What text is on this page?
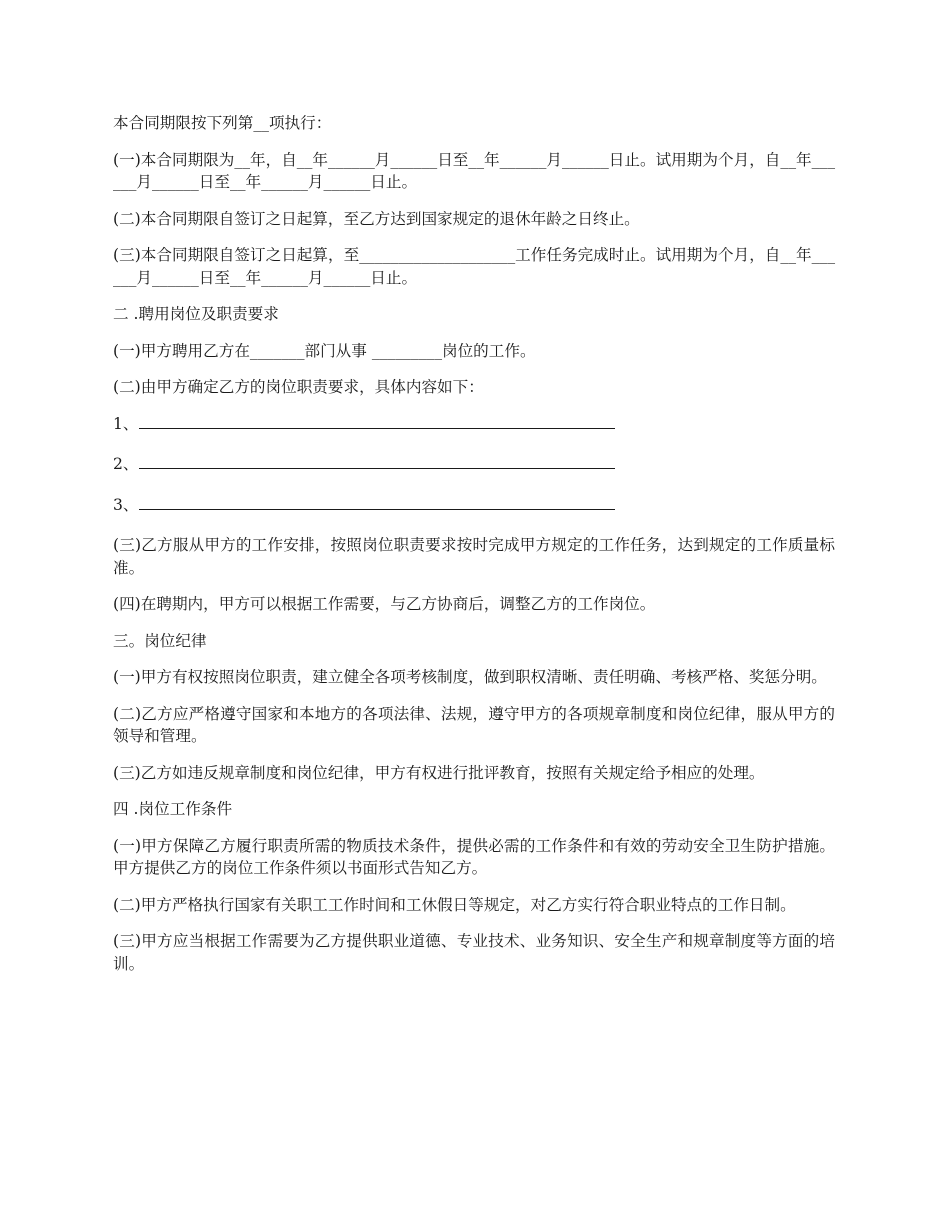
本合同期限按下列第__项执行：

(一)本合同期限为__年，自__年______月______日至__年______月______日止。试用期为个月，自__年______月______日至__年______月______日止。

(二)本合同期限自签订之日起算，至乙方达到国家规定的退休年龄之日终止。

(三)本合同期限自签订之日起算，至____________________工作任务完成时止。试用期为个月，自__年______月______日至__年______月______日止。

二 .聘用岗位及职责要求

(一)甲方聘用乙方在_______部门从事 _________岗位的工作。

(二)由甲方确定乙方的岗位职责要求，具体内容如下：

1、
2、
3、

(三)乙方服从甲方的工作安排，按照岗位职责要求按时完成甲方规定的工作任务，达到规定的工作质量标准。

(四)在聘期内，甲方可以根据工作需要，与乙方协商后，调整乙方的工作岗位。

三。岗位纪律

(一)甲方有权按照岗位职责，建立健全各项考核制度，做到职权清晰、责任明确、考核严格、奖惩分明。

(二)乙方应严格遵守国家和本地方的各项法律、法规，遵守甲方的各项规章制度和岗位纪律，服从甲方的领导和管理。

(三)乙方如违反规章制度和岗位纪律，甲方有权进行批评教育，按照有关规定给予相应的处理。

四 .岗位工作条件

(一)甲方保障乙方履行职责所需的物质技术条件，提供必需的工作条件和有效的劳动安全卫生防护措施。甲方提供乙方的岗位工作条件须以书面形式告知乙方。

(二)甲方严格执行国家有关职工工作时间和工休假日等规定，对乙方实行符合职业特点的工作日制。

(三)甲方应当根据工作需要为乙方提供职业道德、专业技术、业务知识、安全生产和规章制度等方面的培训。
